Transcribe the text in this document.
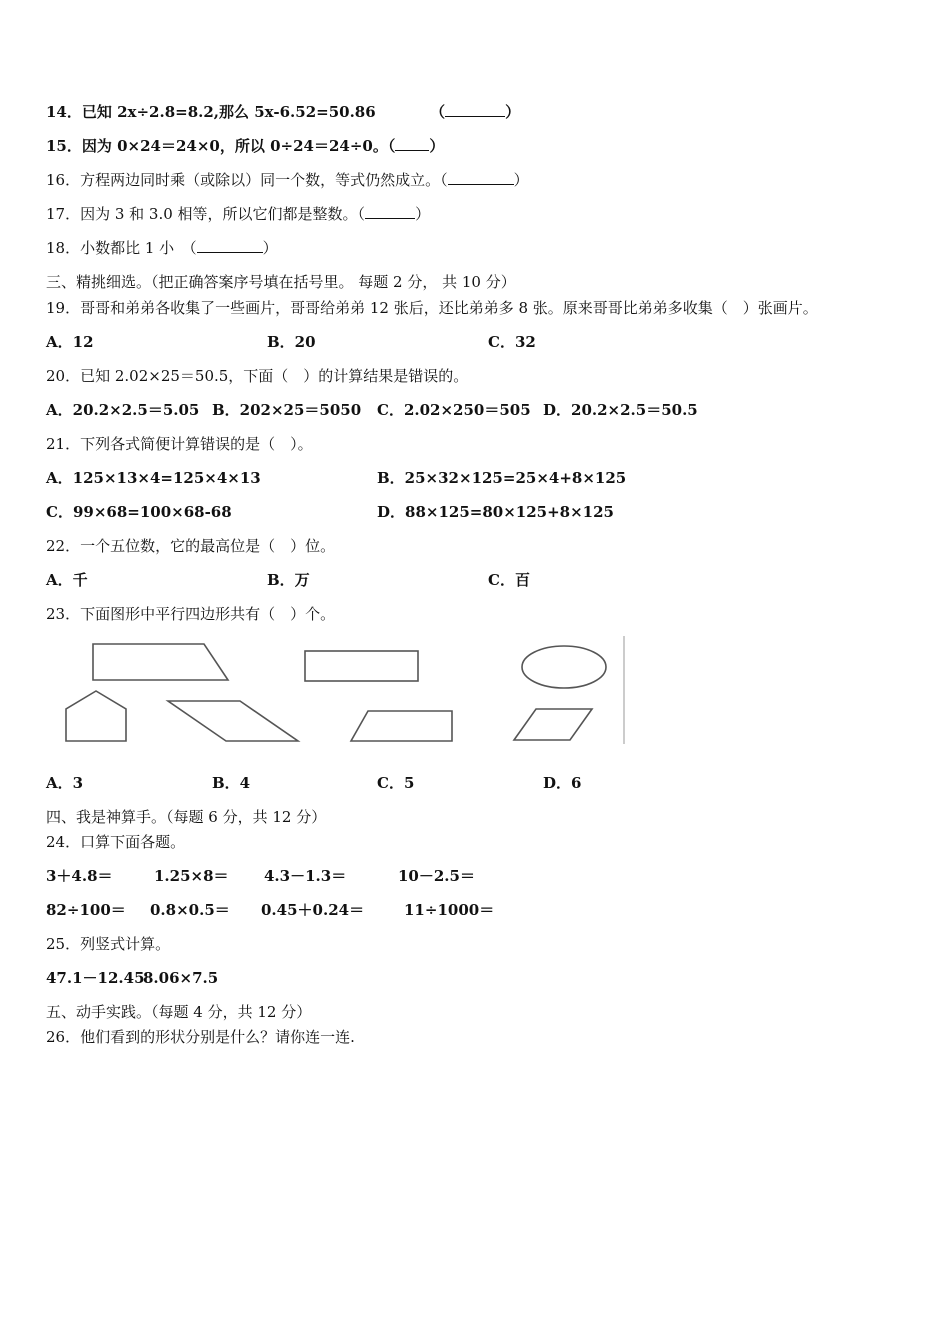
14．已知 2x÷2.8=8.2,那么 5x-6.52=50.86	（	）
15．因为 0×24＝24×0，所以 0÷24＝24÷0。（ ）
16．方程两边同时乘（或除以）同一个数，等式仍然成立。（	）
17．因为 3 和 3.0 相等，所以它们都是整数。（	）
18．小数都比 1 小　（	）
三、精挑细选。（把正确答案序号填在括号里。 每题 2 分， 共 10 分）
19．哥哥和弟弟各收集了一些画片，哥哥给弟弟 12 张后，还比弟弟多 8 张。原来哥哥比弟弟多收集（　）张画片。
A．12	B．20	C．32
20．已知 2.02×25＝50.5，下面（　）的计算结果是错误的。
A．20.2×2.5＝5.05 B．202×25＝5050 C．2.02×250＝505 D．20.2×2.5＝50.5
21．下列各式简便计算错误的是（　）。
A．125×13×4=125×4×13	B．25×32×125=25×4+8×125
C．99×68=100×68-68	D．88×125=80×125+8×125
22．一个五位数，它的最高位是（　）位。
A．千	B．万	C．百
23．下面图形中平行四边形共有（　）个。
A．3	B．4	C．5	D．6
四、我是神算手。（每题 6 分，共 12 分）
24．口算下面各题。
3＋4.8＝	1.25×8＝ 4.3－1.3＝	10－2.5＝
82÷100＝ 0.8×0.5＝ 0.45＋0.24＝	11÷1000＝
25．列竖式计算。
47.1－12.45
8.06×7.5
五、动手实践。（每题 4 分，共 12 分）
26．他们看到的形状分别是什么？请你连一连.
